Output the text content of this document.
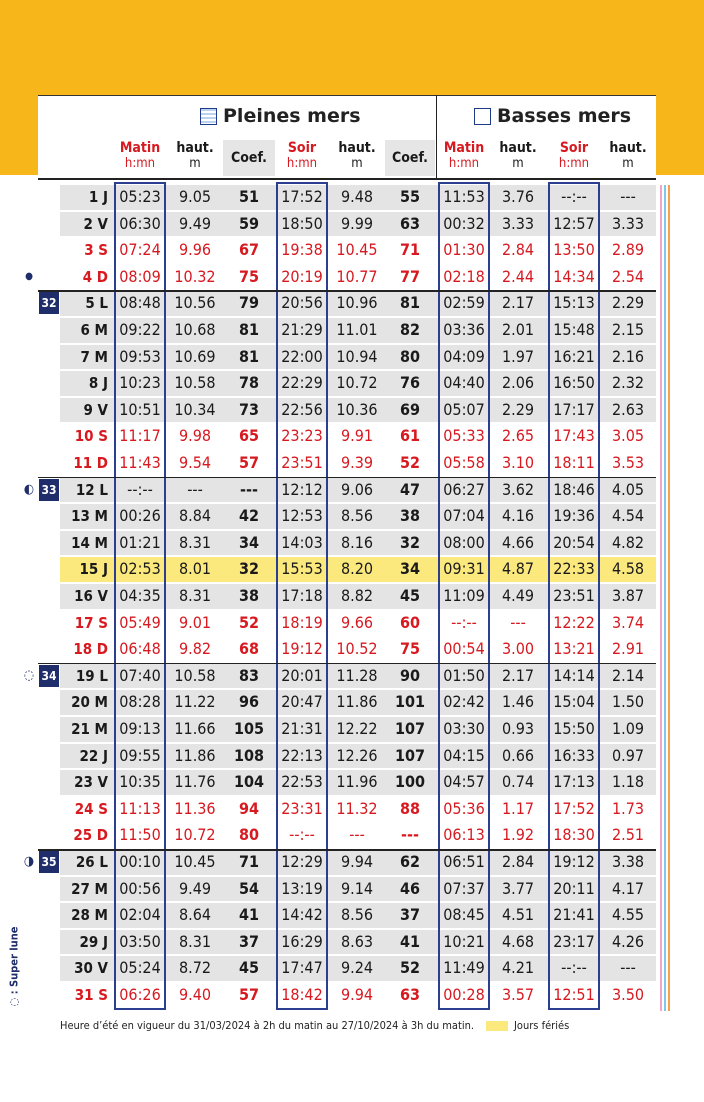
Pleines mers	Basses mers
Matin
h:mn
haut.
m	Coef.
Soir
h:mn
haut.
m	Coef.
Matin
h:mn
haut.
m
Soir
h:mn
haut.
m
1 J 05:23	9.05	51	17:52	9.48	55	11:53	3.76	--:--	---
2 V 06:30	9.49	59	18:50	9.99	63	00:32	3.33	12:57	3.33
3 S 07:24	9.96	67	19:38 10.45	71	01:30	2.84	13:50	2.89
4 D 08:09 10.32	75	20:19 10.77	77	02:18	2.44	14:34	2.54
5 L 08:48 10.56	79	20:56 10.96	81	02:59	2.17	15:13	2.29
6 M 09:22 10.68	81	21:29 11.01	82	03:36	2.01	15:48	2.15
7 M 09:53 10.69	81	22:00 10.94	80	04:09	1.97	16:21	2.16
8 J 10:23 10.58	78	22:29 10.72	76	04:40	2.06	16:50	2.32
9 V 10:51 10.34	73	22:56 10.36	69	05:07	2.29	17:17	2.63
10 S 11:17	9.98	65	23:23	9.91	61	05:33	2.65	17:43	3.05
11 D 11:43	9.54	57	23:51	9.39	52	05:58	3.10	18:11	3.53
12 L	--:--	---	---	12:12	9.06	47	06:27	3.62	18:46	4.05
13 M 00:26	8.84	42	12:53	8.56	38	07:04	4.16	19:36	4.54
14 M 01:21	8.31	34	14:03	8.16	32	08:00	4.66	20:54	4.82
15 J 02:53	8.01	32	15:53	8.20	34	09:31	4.87	22:33	4.58
16 V 04:35	8.31	38	17:18	8.82	45	11:09	4.49	23:51	3.87
17 S 05:49	9.01	52	18:19	9.66	60	--:--	---	12:22	3.74
18 D 06:48	9.82	68	19:12 10.52	75	00:54	3.00	13:21	2.91
19 L 07:40 10.58	83	20:01 11.28	90	01:50	2.17	14:14	2.14
20 M 08:28 11.22	96	20:47 11.86	101	02:42	1.46	15:04	1.50
21 M 09:13 11.66	105	21:31 12.22	107	03:30	0.93	15:50	1.09
22 J 09:55 11.86	108	22:13 12.26	107	04:15	0.66	16:33	0.97
23 V 10:35 11.76	104	22:53 11.96	100	04:57	0.74	17:13	1.18
24 S 11:13 11.36	94	23:31 11.32	88	05:36	1.17	17:52	1.73
25 D 11:50 10.72	80	--:--	---	---	06:13	1.92	18:30	2.51
26 L 00:10 10.45	71	12:29	9.94	62	06:51	2.84	19:12	3.38
27 M 00:56	9.49	54	13:19	9.14	46	07:37	3.77	20:11	4.17
28 M 02:04	8.64	41	14:42	8.56	37	08:45	4.51	21:41	4.55
29 J 03:50	8.31	37	16:29	8.63	41	10:21	4.68	23:17	4.26
30 V 05:24	8.72	45	17:47	9.24	52	11:49	4.21	--:--	---
31 S 06:26	9.40	57	18:42	9.94	63	00:28	3.57	12:51	3.50
Heure d’été en vigueur du 31/03/2024 à 2h du matin au 27/10/2024 à 3h du matin.	Jours fériés
◌ : Super lune
32
33
◐
34
◌
35
◑
●
